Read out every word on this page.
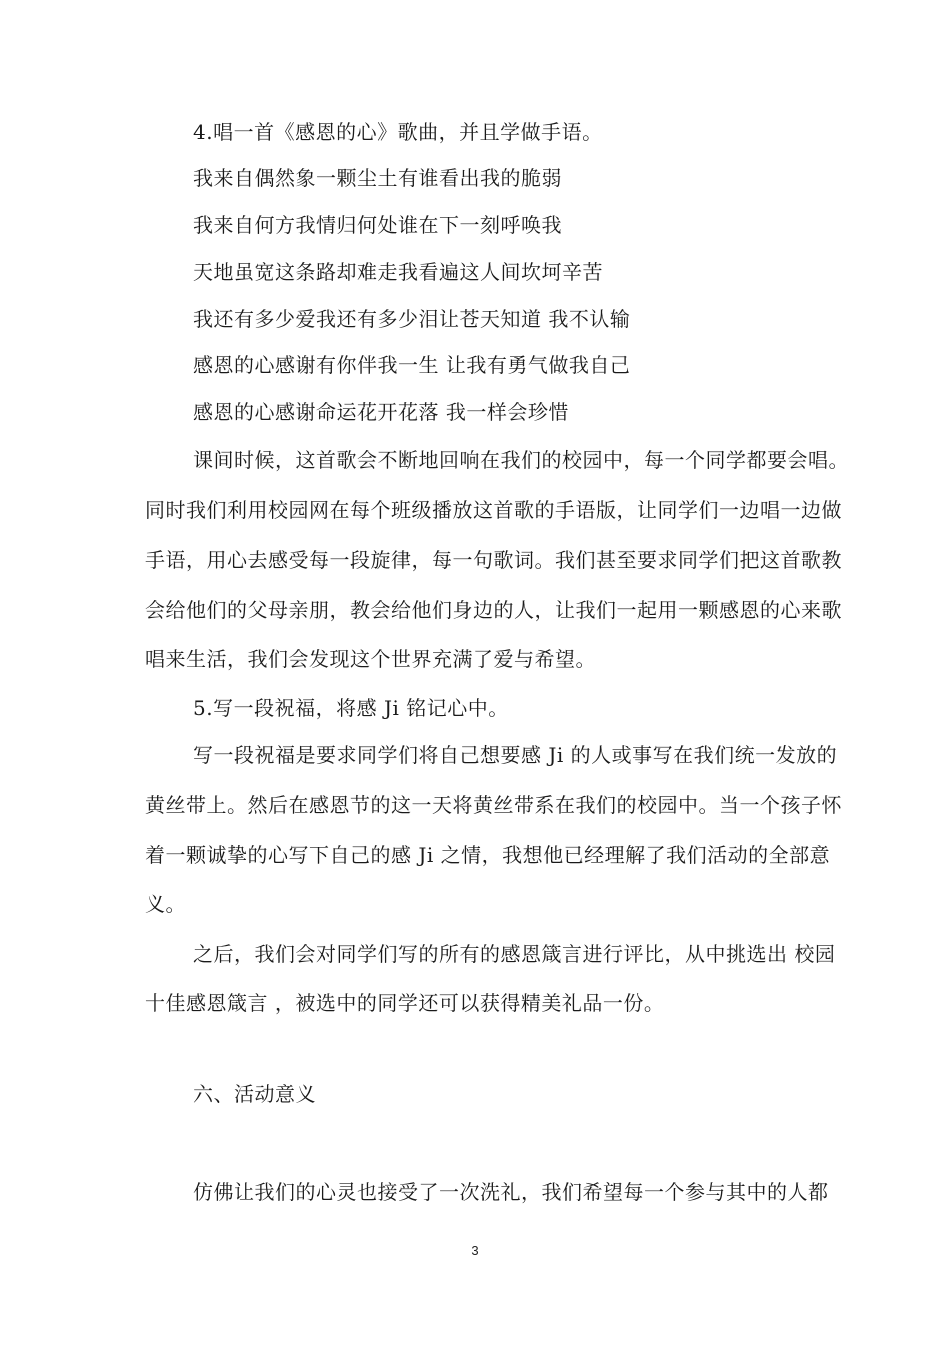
4.唱一首《感恩的心》歌曲，并且学做手语。
我来自偶然象一颗尘土有谁看出我的脆弱
我来自何方我情归何处谁在下一刻呼唤我
天地虽宽这条路却难走我看遍这人间坎坷辛苦
我还有多少爱我还有多少泪让苍天知道 我不认输
感恩的心感谢有你伴我一生 让我有勇气做我自己
感恩的心感谢命运花开花落 我一样会珍惜
课间时候，这首歌会不断地回响在我们的校园中，每一个同学都要会唱。
同时我们利用校园网在每个班级播放这首歌的手语版，让同学们一边唱一边做
手语，用心去感受每一段旋律，每一句歌词。我们甚至要求同学们把这首歌教
会给他们的父母亲朋，教会给他们身边的人，让我们一起用一颗感恩的心来歌
唱来生活，我们会发现这个世界充满了爱与希望。
5.写一段祝福，将感 Ji 铭记心中。
写一段祝福是要求同学们将自己想要感 Ji 的人或事写在我们统一发放的
黄丝带上。然后在感恩节的这一天将黄丝带系在我们的校园中。当一个孩子怀
着一颗诚挚的心写下自己的感 Ji 之情，我想他已经理解了我们活动的全部意
义。
之后，我们会对同学们写的所有的感恩箴言进行评比，从中挑选出 校园
十佳感恩箴言 ，被选中的同学还可以获得精美礼品一份。
六、活动意义
仿佛让我们的心灵也接受了一次洗礼，我们希望每一个参与其中的人都
3
